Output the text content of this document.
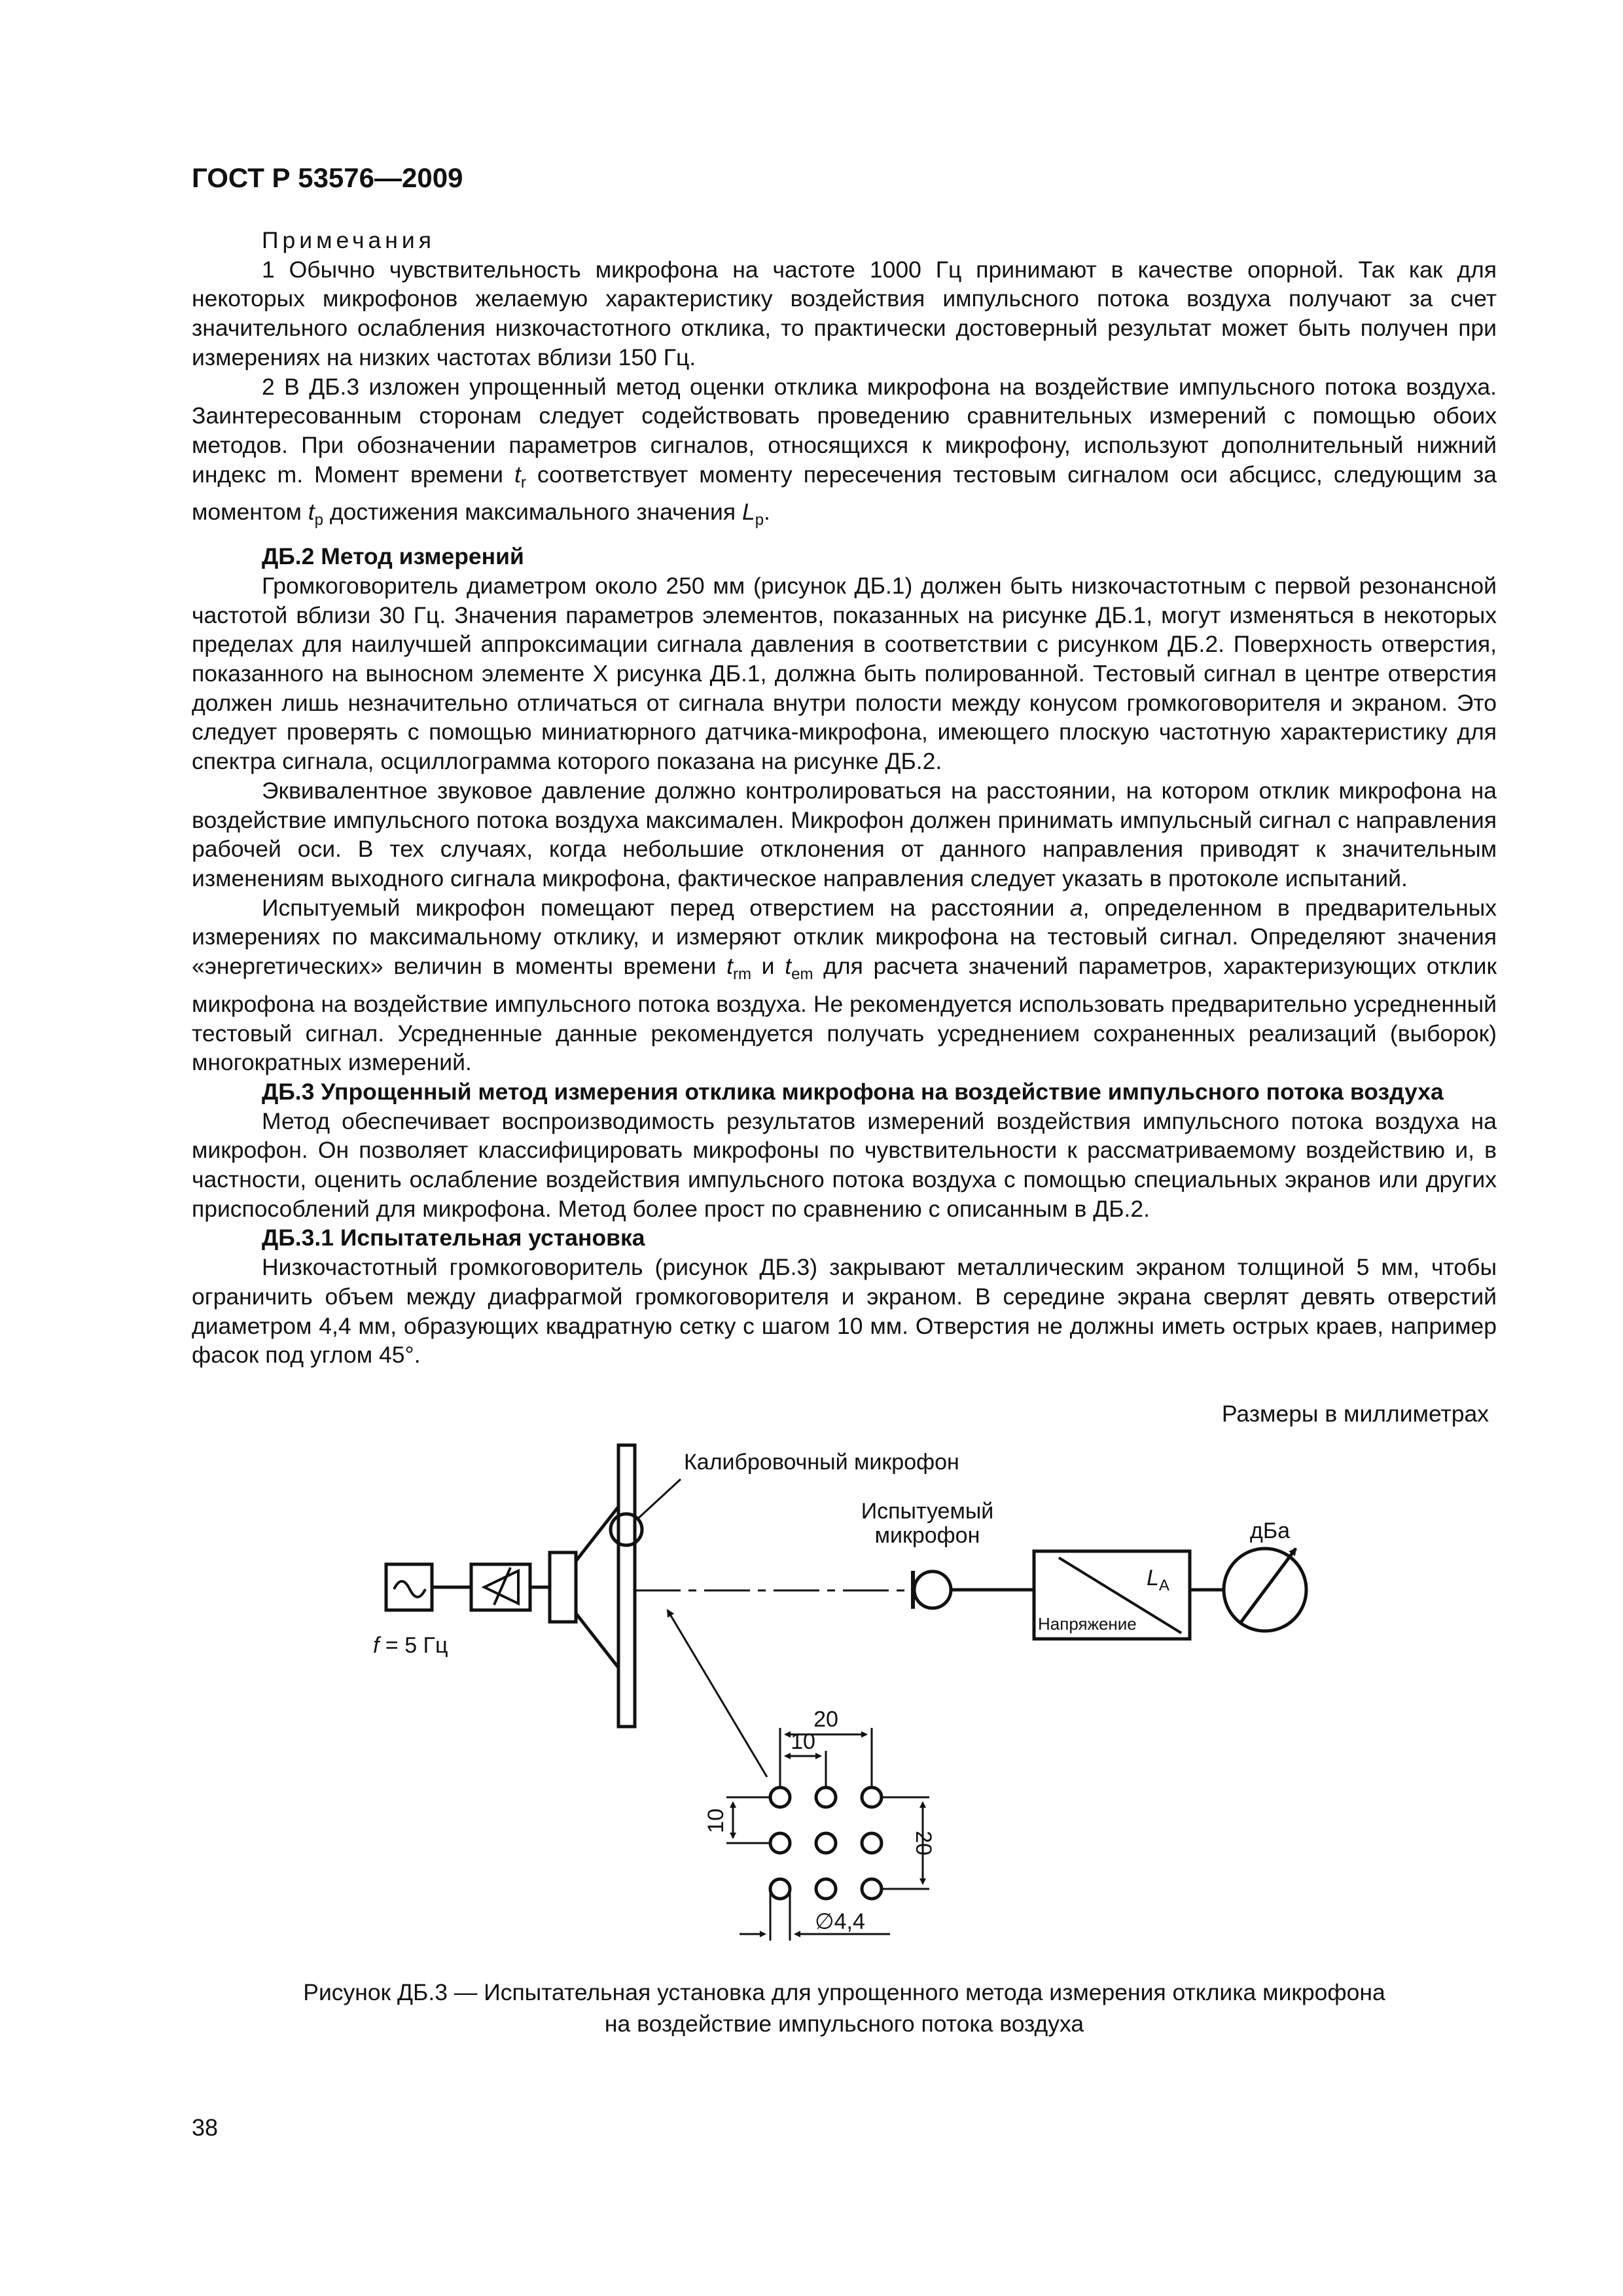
ГОСТ Р 53576—2009

Примечания

1 Обычно чувствительность микрофона на частоте 1000 Гц принимают в качестве опорной. Так как для некоторых микрофонов желаемую характеристику воздействия импульсного потока воздуха получают за счет значительного ослабления низкочастотного отклика, то практически достоверный результат может быть получен при измерениях на низких частотах вблизи 150 Гц.

2 В ДБ.3 изложен упрощенный метод оценки отклика микрофона на воздействие импульсного потока воздуха. Заинтересованным сторонам следует содействовать проведению сравнительных измерений с помощью обоих методов. При обозначении параметров сигналов, относящихся к микрофону, используют дополнительный нижний индекс m. Момент времени $t_r$ соответствует моменту пересечения тестовым сигналом оси абсцисс, следующим за моментом $t_p$ достижения максимального значения $L_p$.

ДБ.2 Метод измерений

Громкоговоритель диаметром около 250 мм (рисунок ДБ.1) должен быть низкочастотным с первой резонансной частотой вблизи 30 Гц. Значения параметров элементов, показанных на рисунке ДБ.1, могут изменяться в некоторых пределах для наилучшей аппроксимации сигнала давления в соответствии с рисунком ДБ.2. Поверхность отверстия, показанного на выносном элементе X рисунка ДБ.1, должна быть полированной. Тестовый сигнал в центре отверстия должен лишь незначительно отличаться от сигнала внутри полости между конусом громкоговорителя и экраном. Это следует проверять с помощью миниатюрного датчика-микрофона, имеющего плоскую частотную характеристику для спектра сигнала, осциллограмма которого показана на рисунке ДБ.2.

Эквивалентное звуковое давление должно контролироваться на расстоянии, на котором отклик микрофона на воздействие импульсного потока воздуха максимален. Микрофон должен принимать импульсный сигнал с направления рабочей оси. В тех случаях, когда небольшие отклонения от данного направления приводят к значительным изменениям выходного сигнала микрофона, фактическое направления следует указать в протоколе испытаний.

Испытуемый микрофон помещают перед отверстием на расстоянии a, определенном в предварительных измерениях по максимальному отклику, и измеряют отклик микрофона на тестовый сигнал. Определяют значения «энергетических» величин в моменты времени $t_{rm}$ и $t_{em}$ для расчета значений параметров, характеризующих отклик микрофона на воздействие импульсного потока воздуха. Не рекомендуется использовать предварительно усредненный тестовый сигнал. Усредненные данные рекомендуется получать усреднением сохраненных реализаций (выборок) многократных измерений.

ДБ.3 Упрощенный метод измерения отклика микрофона на воздействие импульсного потока воздуха

Метод обеспечивает воспроизводимость результатов измерений воздействия импульсного потока воздуха на микрофон. Он позволяет классифицировать микрофоны по чувствительности к рассматриваемому воздействию и, в частности, оценить ослабление воздействия импульсного потока воздуха с помощью специальных экранов или других приспособлений для микрофона. Метод более прост по сравнению с описанным в ДБ.2.

ДБ.3.1 Испытательная установка

Низкочастотный громкоговоритель (рисунок ДБ.3) закрывают металлическим экраном толщиной 5 мм, чтобы ограничить объем между диафрагмой громкоговорителя и экраном. В середине экрана сверлят девять отверстий диаметром 4,4 мм, образующих квадратную сетку с шагом 10 мм. Отверстия не должны иметь острых краев, например фасок под углом 45°.

Размеры в миллиметрах
Калибровочный микрофон
Испытуемый
микрофон
f = 5 Гц
$L_A$
Напряжение
дБа
20
10
10
20
∅4,4
Рисунок ДБ.3 — Испытательная установка для упрощенного метода измерения отклика микрофона
на воздействие импульсного потока воздуха
38
